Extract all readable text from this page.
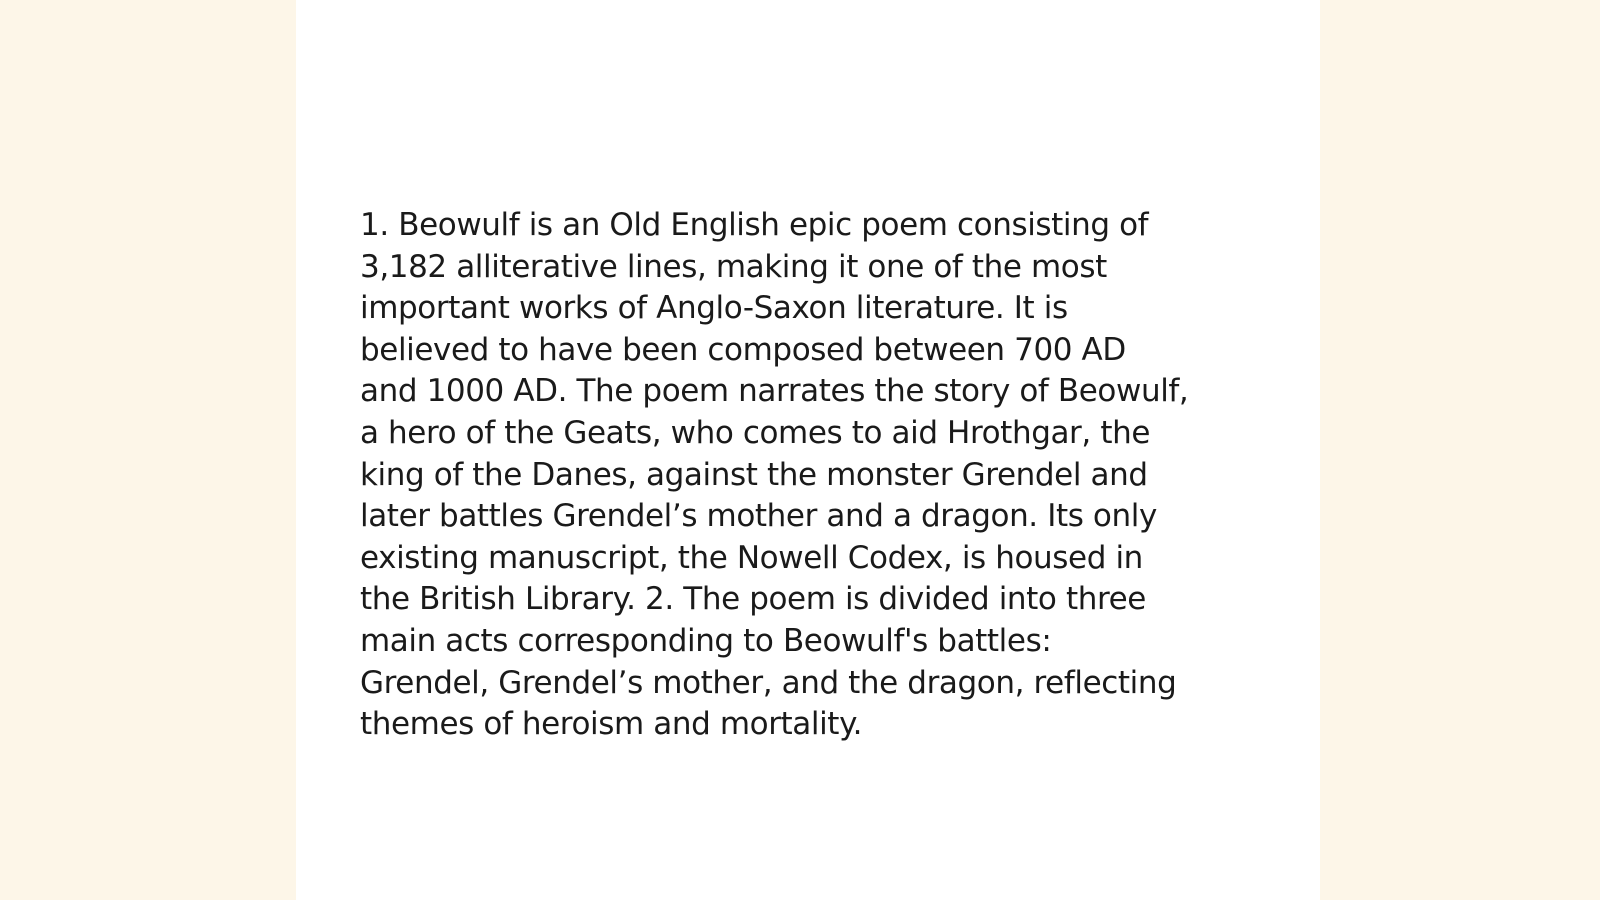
1. Beowulf is an Old English epic poem consisting of
3,182 alliterative lines, making it one of the most
important works of Anglo-Saxon literature. It is
believed to have been composed between 700 AD
and 1000 AD. The poem narrates the story of Beowulf,
a hero of the Geats, who comes to aid Hrothgar, the
king of the Danes, against the monster Grendel and
later battles Grendel’s mother and a dragon. Its only
existing manuscript, the Nowell Codex, is housed in
the British Library. 2. The poem is divided into three
main acts corresponding to Beowulf's battles:
Grendel, Grendel’s mother, and the dragon, reflecting
themes of heroism and mortality.
